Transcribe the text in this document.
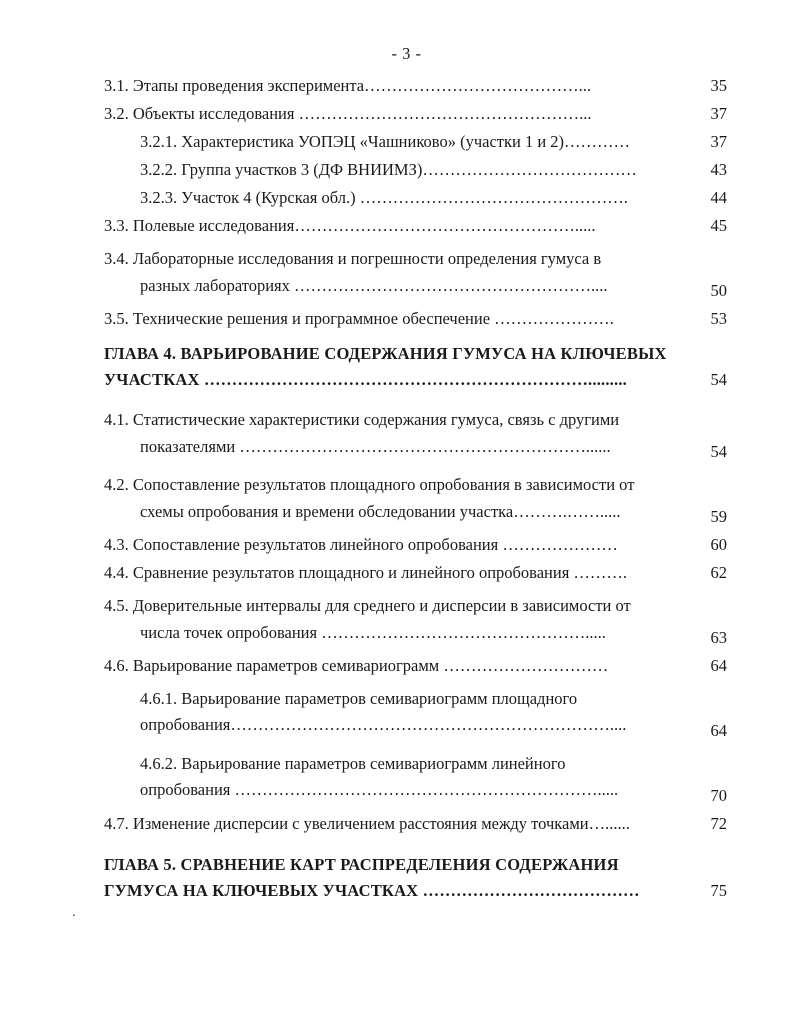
- 3 -
3.1. Этапы проведения эксперимента…………………………………...	35
3.2. Объекты исследования ……………………………………………...	37
3.2.1. Характеристика УОПЭЦ «Чашниково» (участки 1 и 2)…………	37
3.2.2. Группа участков 3 (ДФ ВНИИМЗ)…………………………………	43
3.2.3. Участок 4 (Курская обл.) ………………………………………….	44
3.3. Полевые исследования…………………………………………….....	45
3.4. Лабораторные исследования и погрешности определения гумуса в
разных лабораториях ………………………………………………....	50
3.5. Технические решения и программное обеспечение ………………….	53
ГЛАВА 4. ВАРЬИРОВАНИЕ СОДЕРЖАНИЯ ГУМУСА НА КЛЮЧЕВЫХ
УЧАСТКАХ …………………………………………………………….........	54
4.1. Статистические характеристики содержания гумуса, связь с другими
показателями ………………………………………………………......	54
4.2. Сопоставление результатов площадного опробования в зависимости от
схемы опробования и времени обследовании участка……….…….....	59
4.3. Сопоставление результатов линейного опробования …………………	60
4.4. Сравнение результатов площадного и линейного опробования ……….	62
4.5. Доверительные интервалы для среднего и дисперсии в зависимости от
числа точек опробования ………………………………………….....	63
4.6. Варьирование параметров семивариограмм …………………………	64
4.6.1. Варьирование параметров семивариограмм площадного
опробования……………………………………………………………....	64
4.6.2. Варьирование параметров семивариограмм линейного
опробования ………………………………………………………….....	70
4.7. Изменение дисперсии с увеличением расстояния между точками…......	72
ГЛАВА 5. СРАВНЕНИЕ КАРТ РАСПРЕДЕЛЕНИЯ СОДЕРЖАНИЯ
ГУМУСА НА КЛЮЧЕВЫХ УЧАСТКАХ …………………………………	75
.
